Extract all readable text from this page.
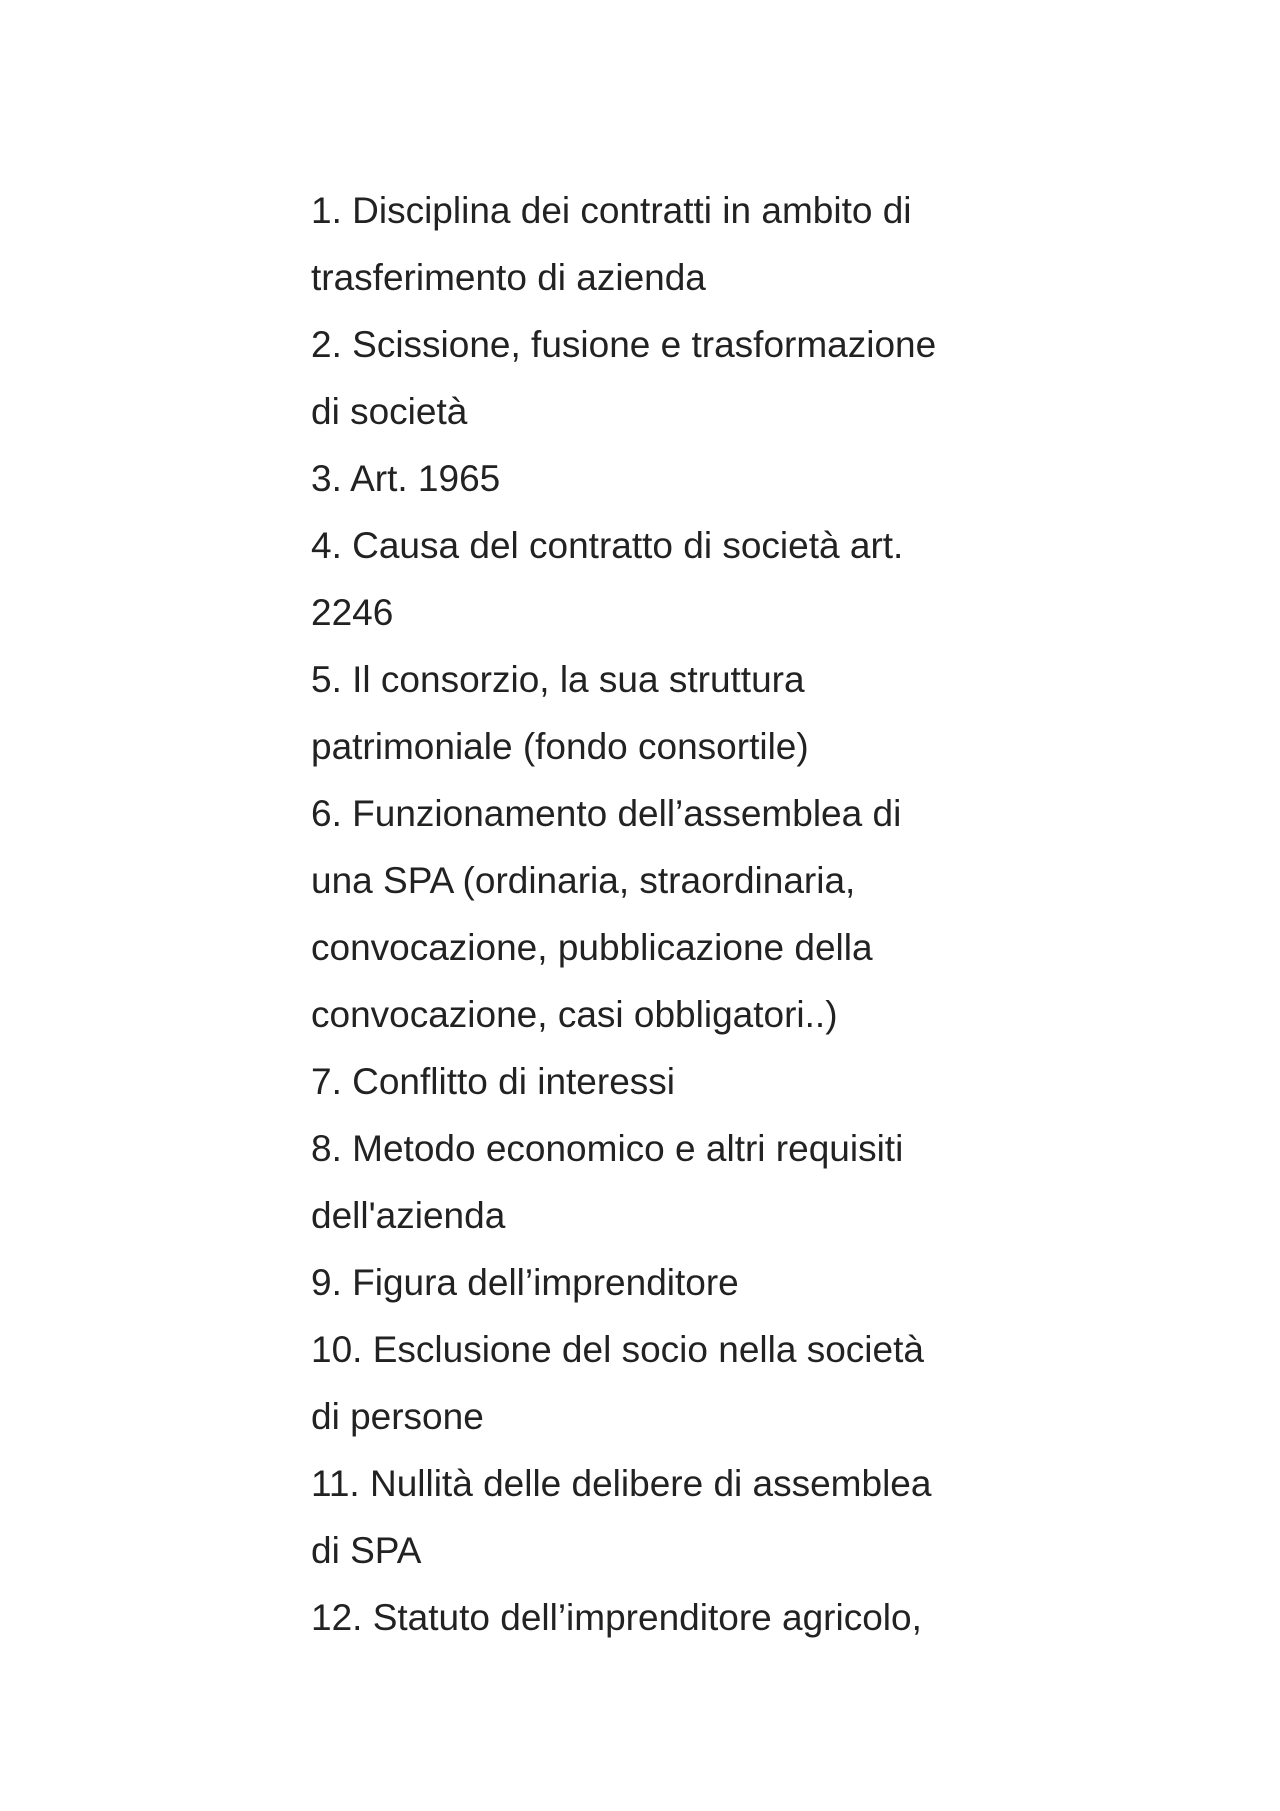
1. Disciplina dei contratti in ambito di
trasferimento di azienda
2. Scissione, fusione e trasformazione
di società
3. Art. 1965
4. Causa del contratto di società art.
2246
5. Il consorzio, la sua struttura
patrimoniale (fondo consortile)
6. Funzionamento dell’assemblea di
una SPA (ordinaria, straordinaria,
convocazione, pubblicazione della
convocazione, casi obbligatori..)
7. Conflitto di interessi
8. Metodo economico e altri requisiti
dell'azienda
9. Figura dell’imprenditore
10. Esclusione del socio nella società
di persone
11. Nullità delle delibere di assemblea
di SPA
12. Statuto dell’imprenditore agricolo,
